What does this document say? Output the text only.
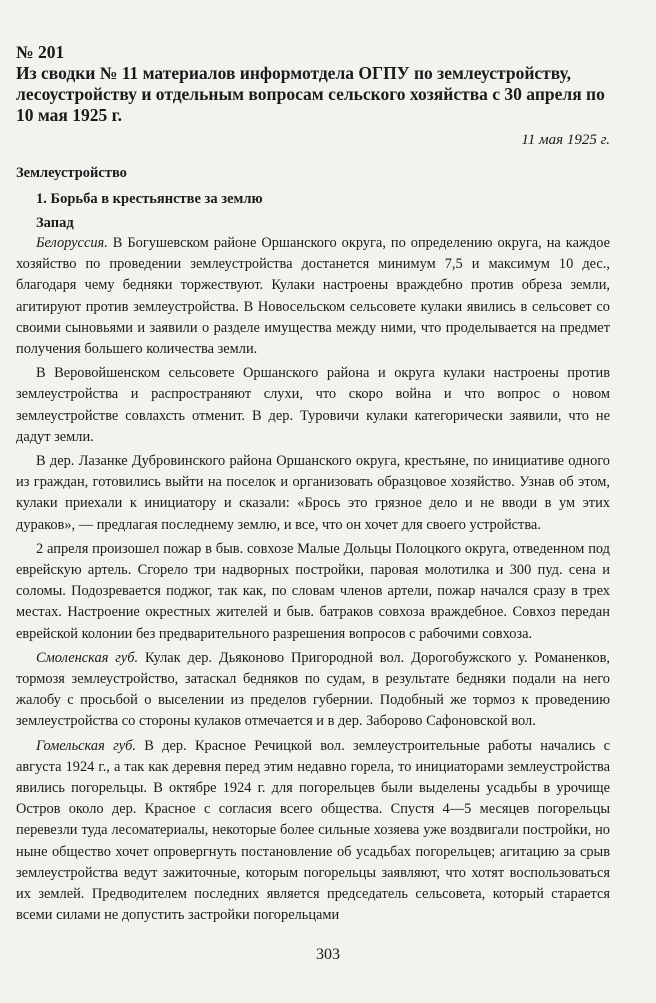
№ 201

Из сводки № 11 материалов информотдела ОГПУ по землеустройству, лесоустройству и отдельным вопросам сельского хозяйства с 30 апреля по 10 мая 1925 г.

11 мая 1925 г.

Землеустройство

1. Борьба в крестьянстве за землю

Запад

Белоруссия. В Богушевском районе Оршанского округа, по определению округа, на каждое хозяйство по проведении землеустройства достанется минимум 7,5 и максимум 10 дес., благодаря чему бедняки торжествуют. Кулаки настроены враждебно против обреза земли, агитируют против землеустройства. В Новосельском сельсовете кулаки явились в сельсовет со своими сыновьями и заявили о разделе имущества между ними, что проделывается на предмет получения большего количества земли.

В Веровойшенском сельсовете Оршанского района и округа кулаки настроены против землеустройства и распространяют слухи, что скоро война и что вопрос о новом землеустройстве совлахсть отменит. В дер. Туровичи кулаки категорически заявили, что не дадут земли.

В дер. Лазанке Дубровинского района Оршанского округа, крестьяне, по инициативе одного из граждан, готовились выйти на поселок и организовать образцовое хозяйство. Узнав об этом, кулаки приехали к инициатору и сказали: «Брось это грязное дело и не вводи в ум этих дураков», — предлагая последнему землю, и все, что он хочет для своего устройства.

2 апреля произошел пожар в быв. совхозе Малые Дольцы Полоцкого округа, отведенном под еврейскую артель. Сгорело три надворных постройки, паровая молотилка и 300 пуд. сена и соломы. Подозревается поджог, так как, по словам членов артели, пожар начался сразу в трех местах. Настроение окрестных жителей и быв. батраков совхоза враждебное. Совхоз передан еврейской колонии без предварительного разрешения вопросов с рабочими совхоза.

Смоленская губ. Кулак дер. Дьяконово Пригородной вол. Дорогобужского у. Романенков, тормозя землеустройство, затаскал бедняков по судам, в результате бедняки подали на него жалобу с просьбой о выселении из пределов губернии. Подобный же тормоз к проведению землеустройства со стороны кулаков отмечается и в дер. Заборово Сафоновской вол.

Гомельская губ. В дер. Красное Речицкой вол. землеустроительные работы начались с августа 1924 г., а так как деревня перед этим недавно горела, то инициаторами землеустройства явились погорельцы. В октябре 1924 г. для погорельцев были выделены усадьбы в урочище Остров около дер. Красное с согласия всего общества. Спустя 4—5 месяцев погорельцы перевезли туда лесоматериалы, некоторые более сильные хозяева уже воздвигали постройки, но ныне общество хочет опровергнуть постановление об усадьбах погорельцев; агитацию за срыв землеустройства ведут зажиточные, которым погорельцы заявляют, что хотят воспользоваться их землей. Предводителем последних является председатель сельсовета, который старается всеми силами не допустить застройки погорельцами

303
